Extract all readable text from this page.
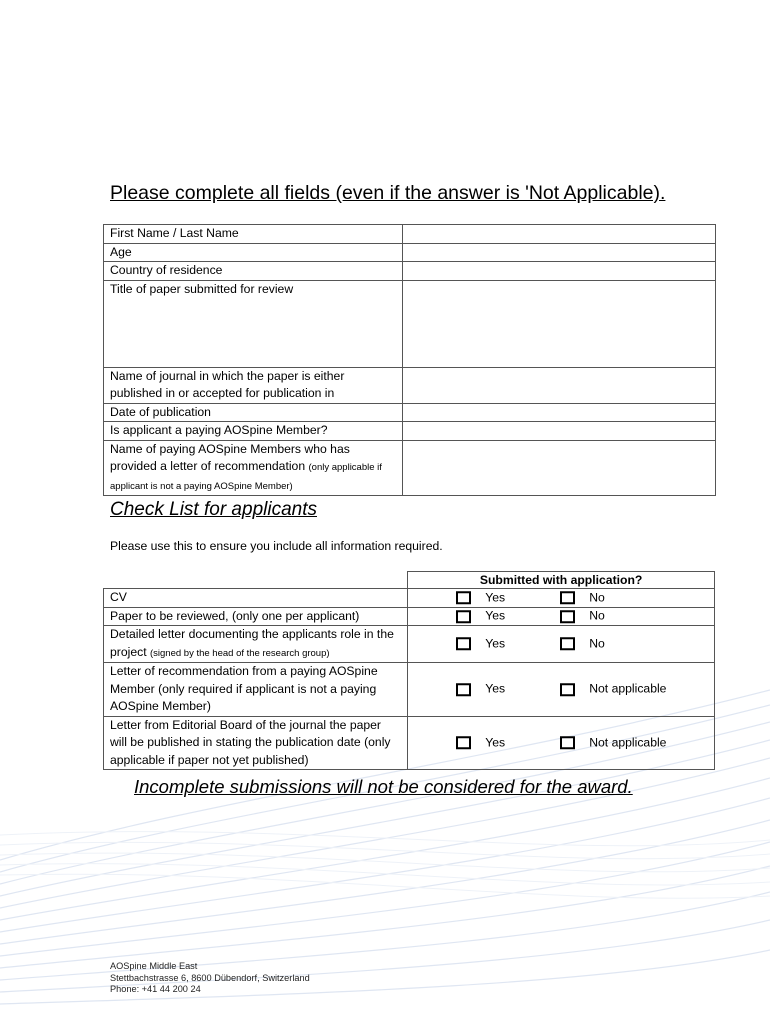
Please complete all fields (even if the answer is 'Not Applicable).
First Name / Last Name	
Age	
Country of residence	
Title of paper submitted for review	
Name of journal in which the paper is either published in or accepted for publication in	
Date of publication	
Is applicant a paying AOSpine Member?	
Name of paying AOSpine Members who has provided a letter of recommendation (only applicable if applicant is not a paying AOSpine Member)	
Check List for applicants
Please use this to ensure you include all information required.
	Submitted with application?
CV	Yes No

Paper to be reviewed, (only one per applicant)	Yes No

Detailed letter documenting the applicants role in the project (signed by the head of the research group)	Yes No

Letter of recommendation from a paying AOSpine Member (only required if applicant is not a paying AOSpine Member)	Yes Not applicable

Letter from Editorial Board of the journal the paper will be published in stating the publication date (only applicable if paper not yet published)	Yes Not applicable
Incomplete submissions will not be considered for the award.
AOSpine Middle East
Stettbachstrasse 6, 8600 Dübendorf, Switzerland
Phone: +41 44 200 24
